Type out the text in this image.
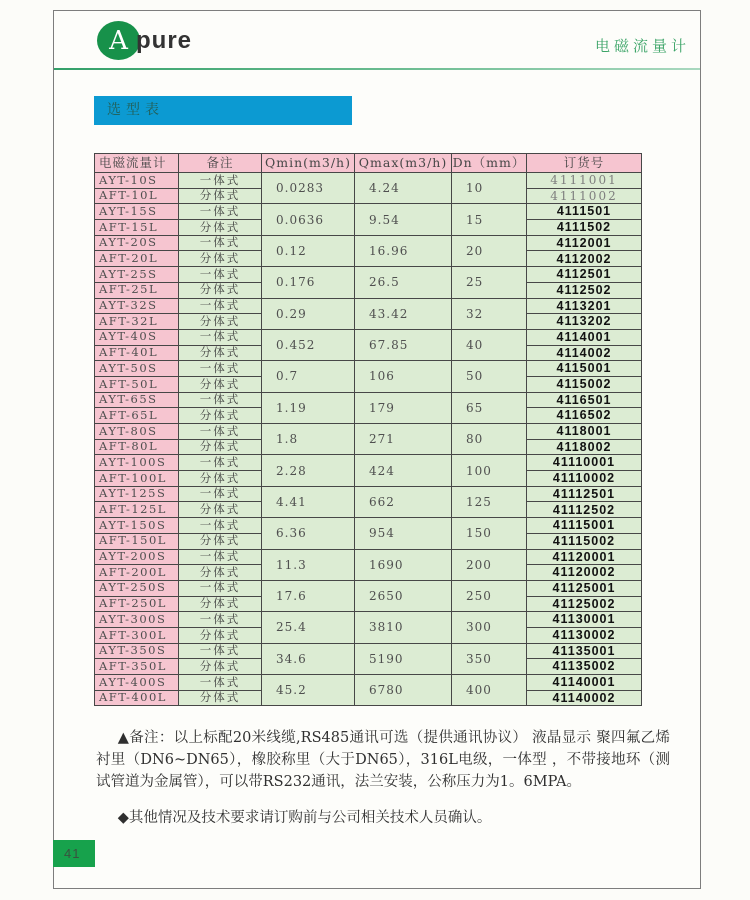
A pure	电磁流量计
选型表
电磁流量计	备注	Qmin(m3/h)	Qmax(m3/h)	Dn（mm）	订货号
AYT-10S	一体式	0.0283	4.24	10	4111001
AFT-10L	分体式				4111002
AYT-15S	一体式	0.0636	9.54	15	4111501
AFT-15L	分体式				4111502
AYT-20S	一体式	0.12	16.96	20	4112001
AFT-20L	分体式				4112002
AYT-25S	一体式	0.176	26.5	25	4112501
AFT-25L	分体式				4112502
AYT-32S	一体式	0.29	43.42	32	4113201
AFT-32L	分体式				4113202
AYT-40S	一体式	0.452	67.85	40	4114001
AFT-40L	分体式				4114002
AYT-50S	一体式	0.7	106	50	4115001
AFT-50L	分体式				4115002
AYT-65S	一体式	1.19	179	65	4116501
AFT-65L	分体式				4116502
AYT-80S	一体式	1.8	271	80	4118001
AFT-80L	分体式				4118002
AYT-100S	一体式	2.28	424	100	41110001
AFT-100L	分体式				41110002
AYT-125S	一体式	4.41	662	125	41112501
AFT-125L	分体式				41112502
AYT-150S	一体式	6.36	954	150	41115001
AFT-150L	分体式				41115002
AYT-200S	一体式	11.3	1690	200	41120001
AFT-200L	分体式				41120002
AYT-250S	一体式	17.6	2650	250	41125001
AFT-250L	分体式				41125002
AYT-300S	一体式	25.4	3810	300	41130001
AFT-300L	分体式				41130002
AYT-350S	一体式	34.6	5190	350	41135001
AFT-350L	分体式				41135002
AYT-400S	一体式	45.2	6780	400	41140001
AFT-400L	分体式				41140002

▲备注：以上标配20米线缆,RS485通讯可选（提供通讯协议） 液晶显示 聚四氟乙烯衬里（DN6~DN65），橡胶称里（大于DN65），316L电级，一体型 ，不带接地环（测试管道为金属管），可以带RS232通讯，法兰安装，公称压力为1。6MPA。

◆其他情况及技术要求请订购前与公司相关技术人员确认。

41
